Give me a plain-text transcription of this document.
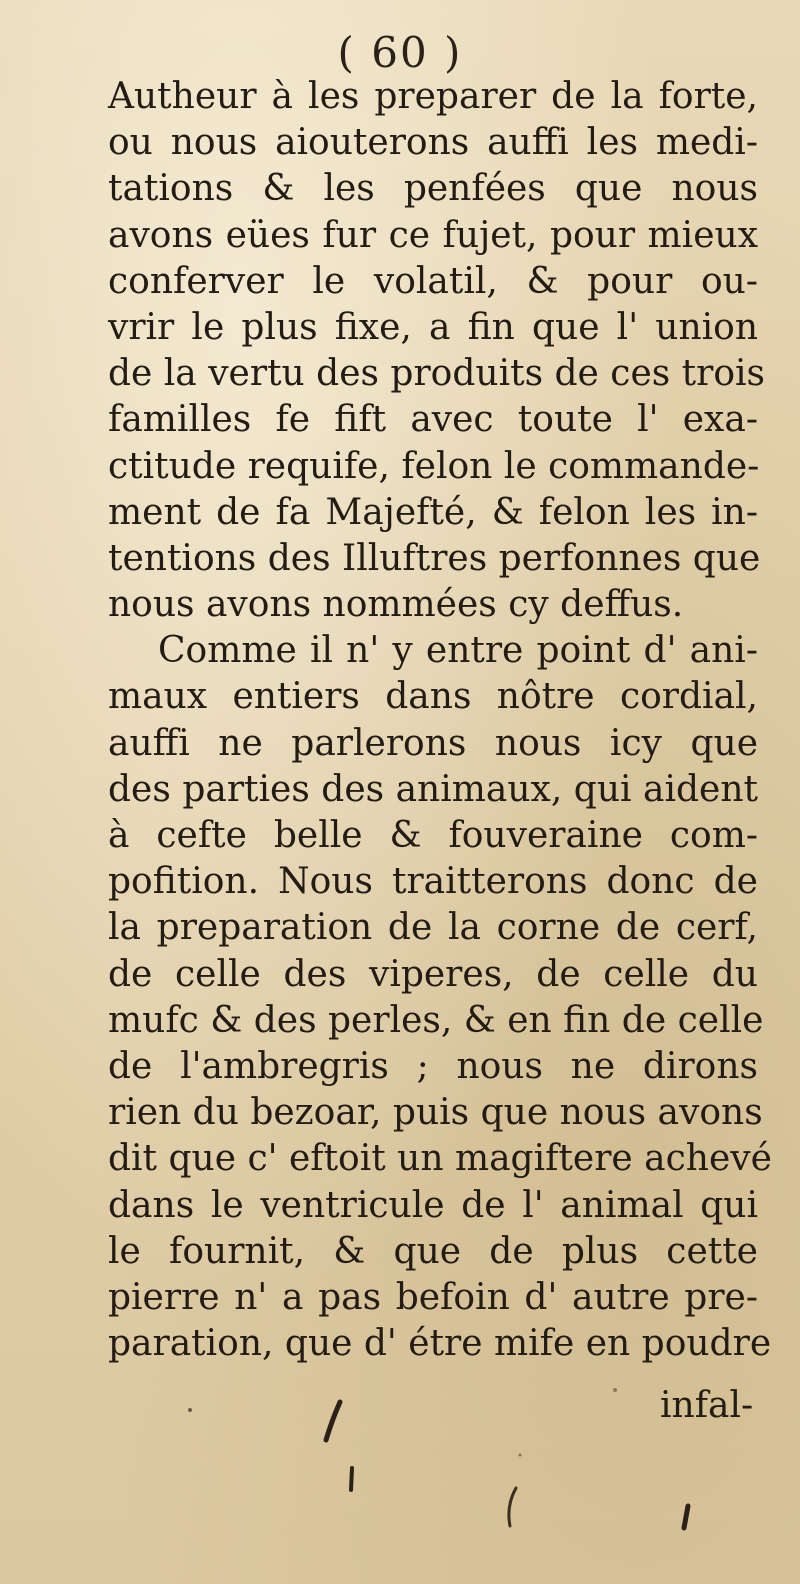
( 60 )
Autheur à les preparer de la forte,
ou nous aiouterons auffi les medi-
tations & les penfées que nous
avons eües fur ce fujet, pour mieux
conferver le volatil, & pour ou-
vrir le plus fixe, a fin que l' union
de la vertu des produits de ces trois
familles fe fift avec toute l' exa-
ctitude requife, felon le commande-
ment de fa Majefté, & felon les in-
tentions des Illuftres perfonnes que
nous avons nommées cy deffus.
Comme il n' y entre point d' ani-
maux entiers dans nôtre cordial,
auffi ne parlerons nous icy que
des parties des animaux, qui aident
à cefte belle & fouveraine com-
pofition. Nous traitterons donc de
la preparation de la corne de cerf,
de celle des viperes, de celle du
mufc & des perles, & en fin de celle
de l'ambregris ; nous ne dirons
rien du bezoar, puis que nous avons
dit que c' eftoit un magiftere achevé
dans le ventricule de l' animal qui
le fournit, & que de plus cette
pierre n' a pas befoin d' autre pre-
paration, que d' étre mife en poudre
infal-
